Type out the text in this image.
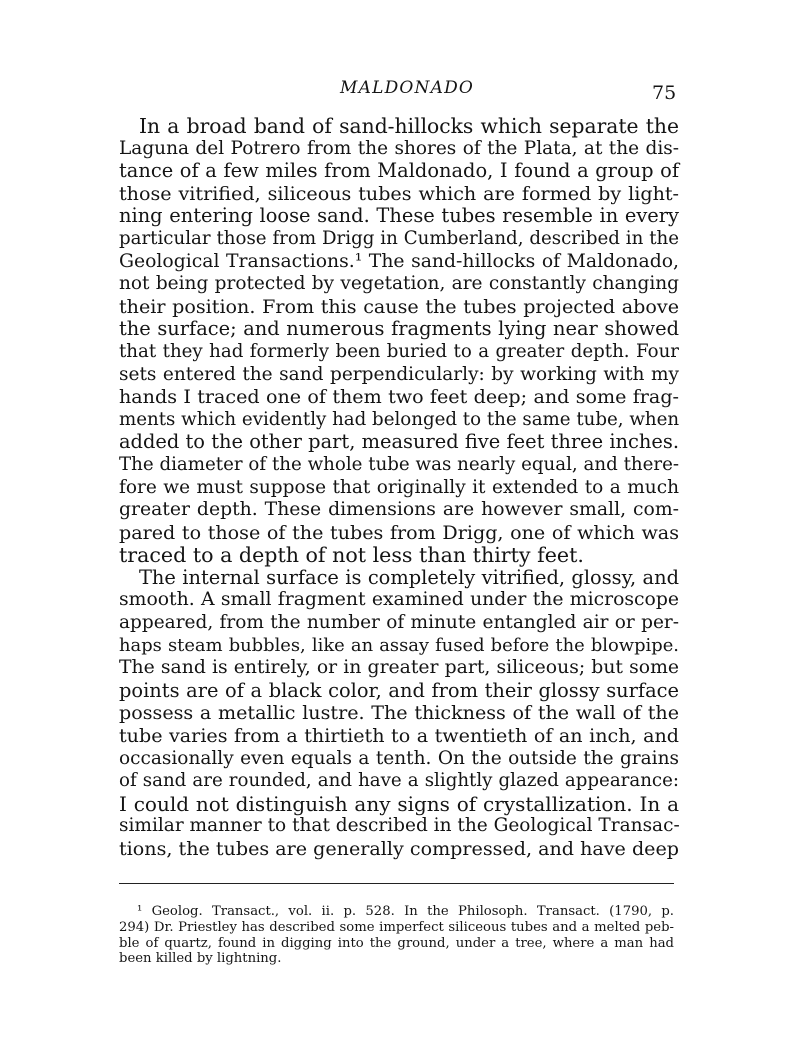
MALDONADO	75
In a broad band of sand-hillocks which separate the
Laguna del Potrero from the shores of the Plata, at the dis-
tance of a few miles from Maldonado, I found a group of
those vitrified, siliceous tubes which are formed by light-
ning entering loose sand. These tubes resemble in every
particular those from Drigg in Cumberland, described in the
Geological Transactions.¹ The sand-hillocks of Maldonado,
not being protected by vegetation, are constantly changing
their position. From this cause the tubes projected above
the surface; and numerous fragments lying near showed
that they had formerly been buried to a greater depth. Four
sets entered the sand perpendicularly: by working with my
hands I traced one of them two feet deep; and some frag-
ments which evidently had belonged to the same tube, when
added to the other part, measured five feet three inches.
The diameter of the whole tube was nearly equal, and there-
fore we must suppose that originally it extended to a much
greater depth. These dimensions are however small, com-
pared to those of the tubes from Drigg, one of which was
traced to a depth of not less than thirty feet.
The internal surface is completely vitrified, glossy, and
smooth. A small fragment examined under the microscope
appeared, from the number of minute entangled air or per-
haps steam bubbles, like an assay fused before the blowpipe.
The sand is entirely, or in greater part, siliceous; but some
points are of a black color, and from their glossy surface
possess a metallic lustre. The thickness of the wall of the
tube varies from a thirtieth to a twentieth of an inch, and
occasionally even equals a tenth. On the outside the grains
of sand are rounded, and have a slightly glazed appearance:
I could not distinguish any signs of crystallization. In a
similar manner to that described in the Geological Transac-
tions, the tubes are generally compressed, and have deep
¹ Geolog. Transact., vol. ii. p. 528. In the Philosoph. Transact. (1790, p.
294) Dr. Priestley has described some imperfect siliceous tubes and a melted peb-
ble of quartz, found in digging into the ground, under a tree, where a man had
been killed by lightning.
